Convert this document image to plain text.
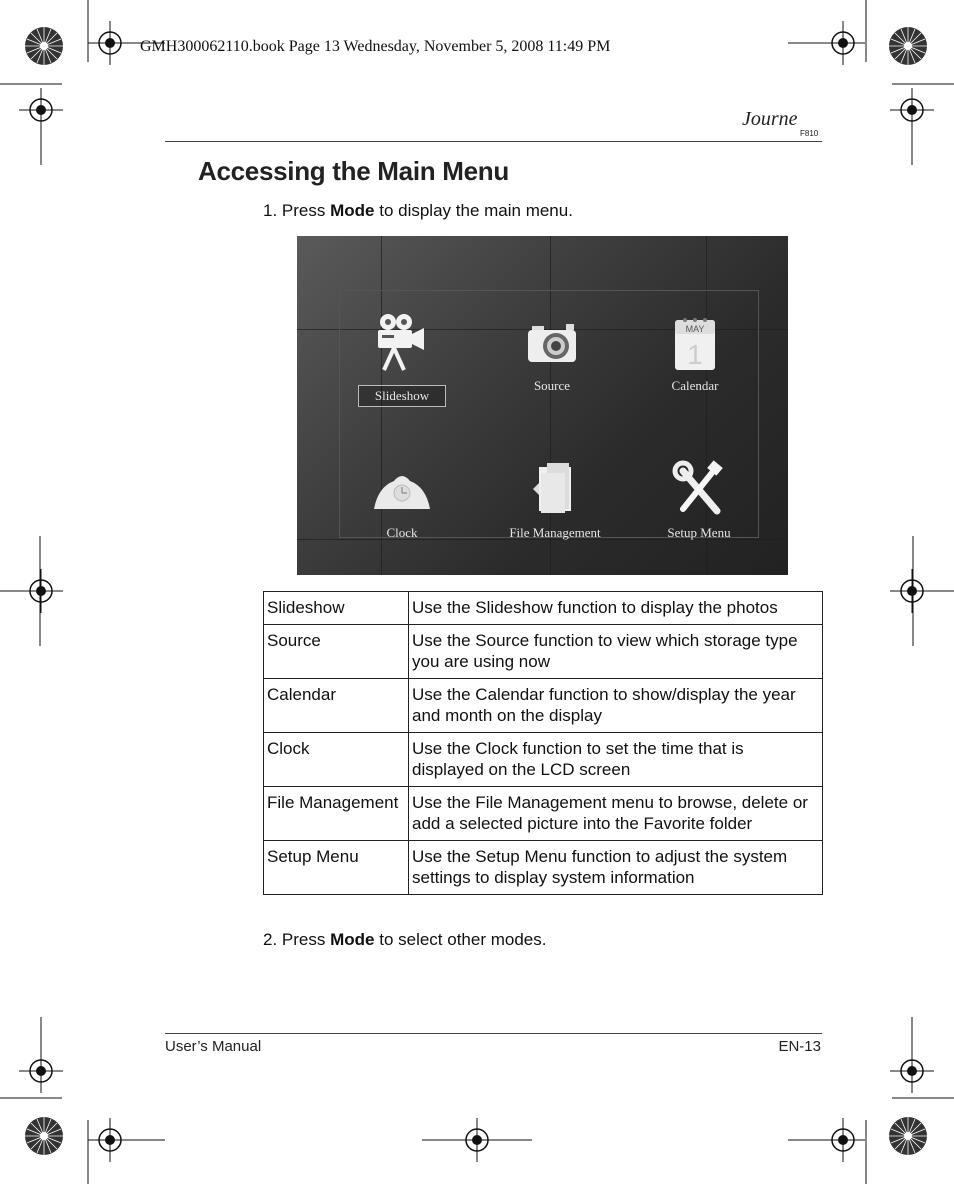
GMH300062110.book Page 13 Wednesday, November 5, 2008 11:49 PM
Journe
F810
Accessing the Main Menu
1. Press Mode to display the main menu.
Slideshow
Source
MAY
1
Calendar
Clock	File Management	Setup Menu
Slideshow	Use the Slideshow function to display the photos
Source	Use the Source function to view which storage type you are using now
Calendar	Use the Calendar function to show/display the year and month on the display
Clock	Use the Clock function to set the time that is displayed on the LCD screen
File Management	Use the File Management menu to browse, delete or add a selected picture into the Favorite folder
Setup Menu	Use the Setup Menu function to adjust the system settings to display system information
2. Press Mode to select other modes.
User’s Manual	EN-13
